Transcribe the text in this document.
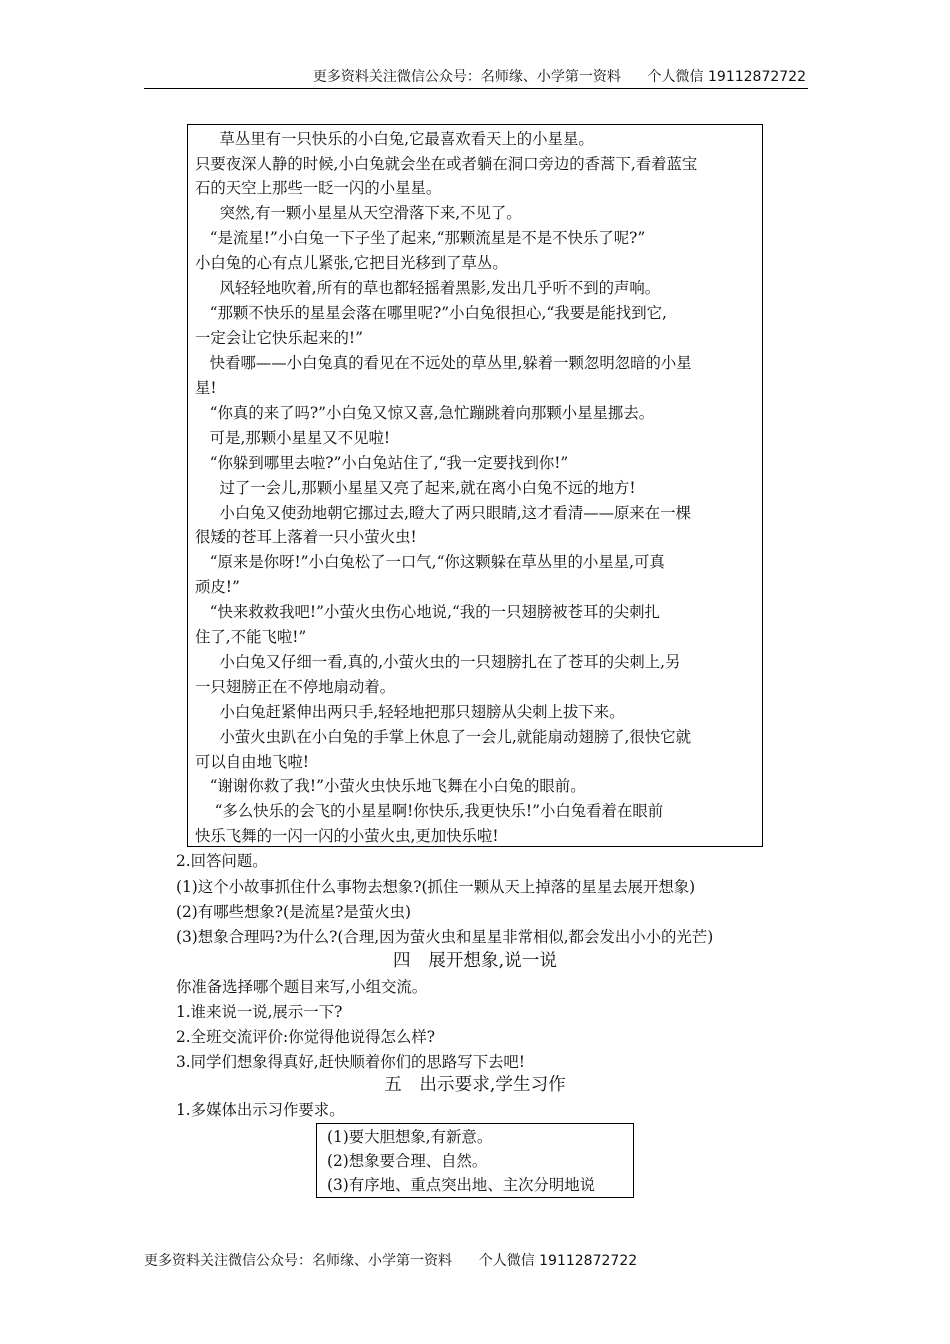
更多资料关注微信公众号：名师缘、小学第一资料      个人微信 19112872722
草丛里有一只快乐的小白兔,它最喜欢看天上的小星星。
只要夜深人静的时候,小白兔就会坐在或者躺在洞口旁边的香蒿下,看着蓝宝
石的天空上那些一眨一闪的小星星。
突然,有一颗小星星从天空滑落下来,不见了。
“是流星!”小白兔一下子坐了起来,“那颗流星是不是不快乐了呢?”
小白兔的心有点儿紧张,它把目光移到了草丛。
风轻轻地吹着,所有的草也都轻摇着黑影,发出几乎听不到的声响。
“那颗不快乐的星星会落在哪里呢?”小白兔很担心,“我要是能找到它,
一定会让它快乐起来的!”
快看哪——小白兔真的看见在不远处的草丛里,躲着一颗忽明忽暗的小星
星!
“你真的来了吗?”小白兔又惊又喜,急忙蹦跳着向那颗小星星挪去。
可是,那颗小星星又不见啦!
“你躲到哪里去啦?”小白兔站住了,“我一定要找到你!”
过了一会儿,那颗小星星又亮了起来,就在离小白兔不远的地方!
小白兔又使劲地朝它挪过去,瞪大了两只眼睛,这才看清——原来在一棵
很矮的苍耳上落着一只小萤火虫!
“原来是你呀!”小白兔松了一口气,“你这颗躲在草丛里的小星星,可真
顽皮!”
“快来救救我吧!”小萤火虫伤心地说,“我的一只翅膀被苍耳的尖刺扎
住了,不能飞啦!”
小白兔又仔细一看,真的,小萤火虫的一只翅膀扎在了苍耳的尖刺上,另
一只翅膀正在不停地扇动着。
小白兔赶紧伸出两只手,轻轻地把那只翅膀从尖刺上拔下来。
小萤火虫趴在小白兔的手掌上休息了一会儿,就能扇动翅膀了,很快它就
可以自由地飞啦!
“谢谢你救了我!”小萤火虫快乐地飞舞在小白兔的眼前。
“多么快乐的会飞的小星星啊!你快乐,我更快乐!”小白兔看着在眼前
快乐飞舞的一闪一闪的小萤火虫,更加快乐啦!
2.回答问题。
(1)这个小故事抓住什么事物去想象?(抓住一颗从天上掉落的星星去展开想象)
(2)有哪些想象?(是流星?是萤火虫)
(3)想象合理吗?为什么?(合理,因为萤火虫和星星非常相似,都会发出小小的光芒)
四　展开想象,说一说
你准备选择哪个题目来写,小组交流。
1.谁来说一说,展示一下?
2.全班交流评价:你觉得他说得怎么样?
3.同学们想象得真好,赶快顺着你们的思路写下去吧!
五　出示要求,学生习作
1.多媒体出示习作要求。
(1)要大胆想象,有新意。
(2)想象要合理、自然。
(3)有序地、重点突出地、主次分明地说
更多资料关注微信公众号：名师缘、小学第一资料      个人微信 19112872722
